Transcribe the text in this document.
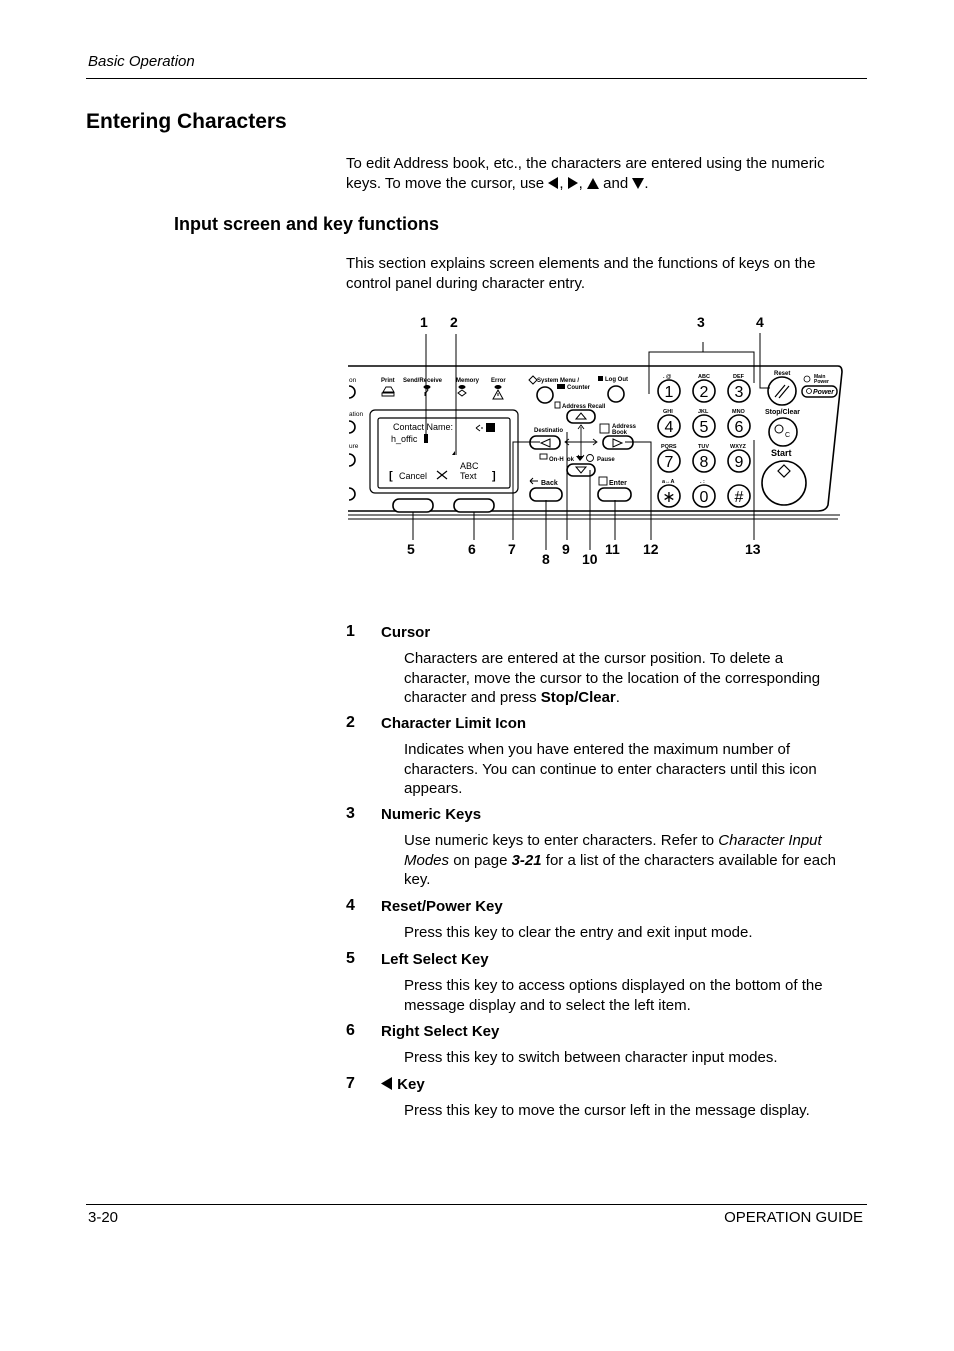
Basic Operation
Entering Characters
To edit Address book, etc., the characters are entered using the numeric
keys. To move the cursor, use , ,  and .
Input screen and key functions
This section explains screen elements and the functions of keys on the
control panel during character entry.
on
ation
ure
Print Send/Receive Memory Error
Contact Name:
h_offic
ABC
[ Cancel	Text ]
System Menu /
Counter
Log Out
Address Recall
Destinatio
Address
Book
On-H ok	Pause
Back	Enter
. @	ABC	DEF
1 2 3
GHI	JKL	MNO
4 5 6
PQRS	TUV	WXYZ
7 8 9
a↔A	. :
∗ 0 #
Reset	Main
Power
Power
Stop/Clear
C
Start
1 2	3	4
5	6 7
8
9
10
11 12	13
1 Cursor
Characters are entered at the cursor position. To delete a
character, move the cursor to the location of the corresponding
character and press Stop/Clear.
2 Character Limit Icon
Indicates when you have entered the maximum number of
characters. You can continue to enter characters until this icon
appears.
3 Numeric Keys
Use numeric keys to enter characters. Refer to Character Input
Modes on page 3-21 for a list of the characters available for each
key.
4 Reset/Power Key
Press this key to clear the entry and exit input mode.
5 Left Select Key
Press this key to access options displayed on the bottom of the
message display and to select the left item.
6 Right Select Key
Press this key to switch between character input modes.
7	Key
Press this key to move the cursor left in the message display.
3-20	OPERATION GUIDE
